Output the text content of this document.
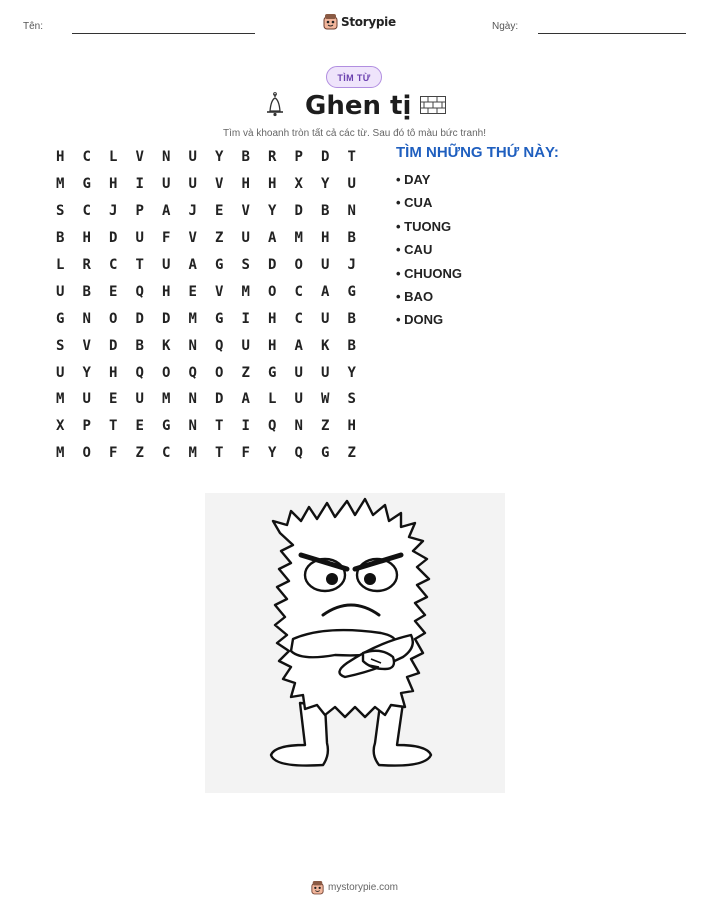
Tên:	Storypie	Ngày:
TÌM TỪ
Ghen tị
Tìm và khoanh tròn tất cả các từ. Sau đó tô màu bức tranh!
H	C	L	V	N	U	Y	B	R	P	D	T
M	G	H	I	U	U	V	H	H	X	Y	U
S	C	J	P	A	J	E	V	Y	D	B	N
B	H	D	U	F	V	Z	U	A	M	H	B
L	R	C	T	U	A	G	S	D	O	U	J
U	B	E	Q	H	E	V	M	O	C	A	G
G	N	O	D	D	M	G	I	H	C	U	B
S	V	D	B	K	N	Q	U	H	A	K	B
U	Y	H	Q	O	Q	O	Z	G	U	U	Y
M	U	E	U	M	N	D	A	L	U	W	S
X	P	T	E	G	N	T	I	Q	N	Z	H
M	O	F	Z	C	M	T	F	Y	Q	G	Z
TÌM NHỮNG THỨ NÀY:
• DAY
• CUA
• TUONG
• CAU
• CHUONG
• BAO
• DONG
mystorypie.com
